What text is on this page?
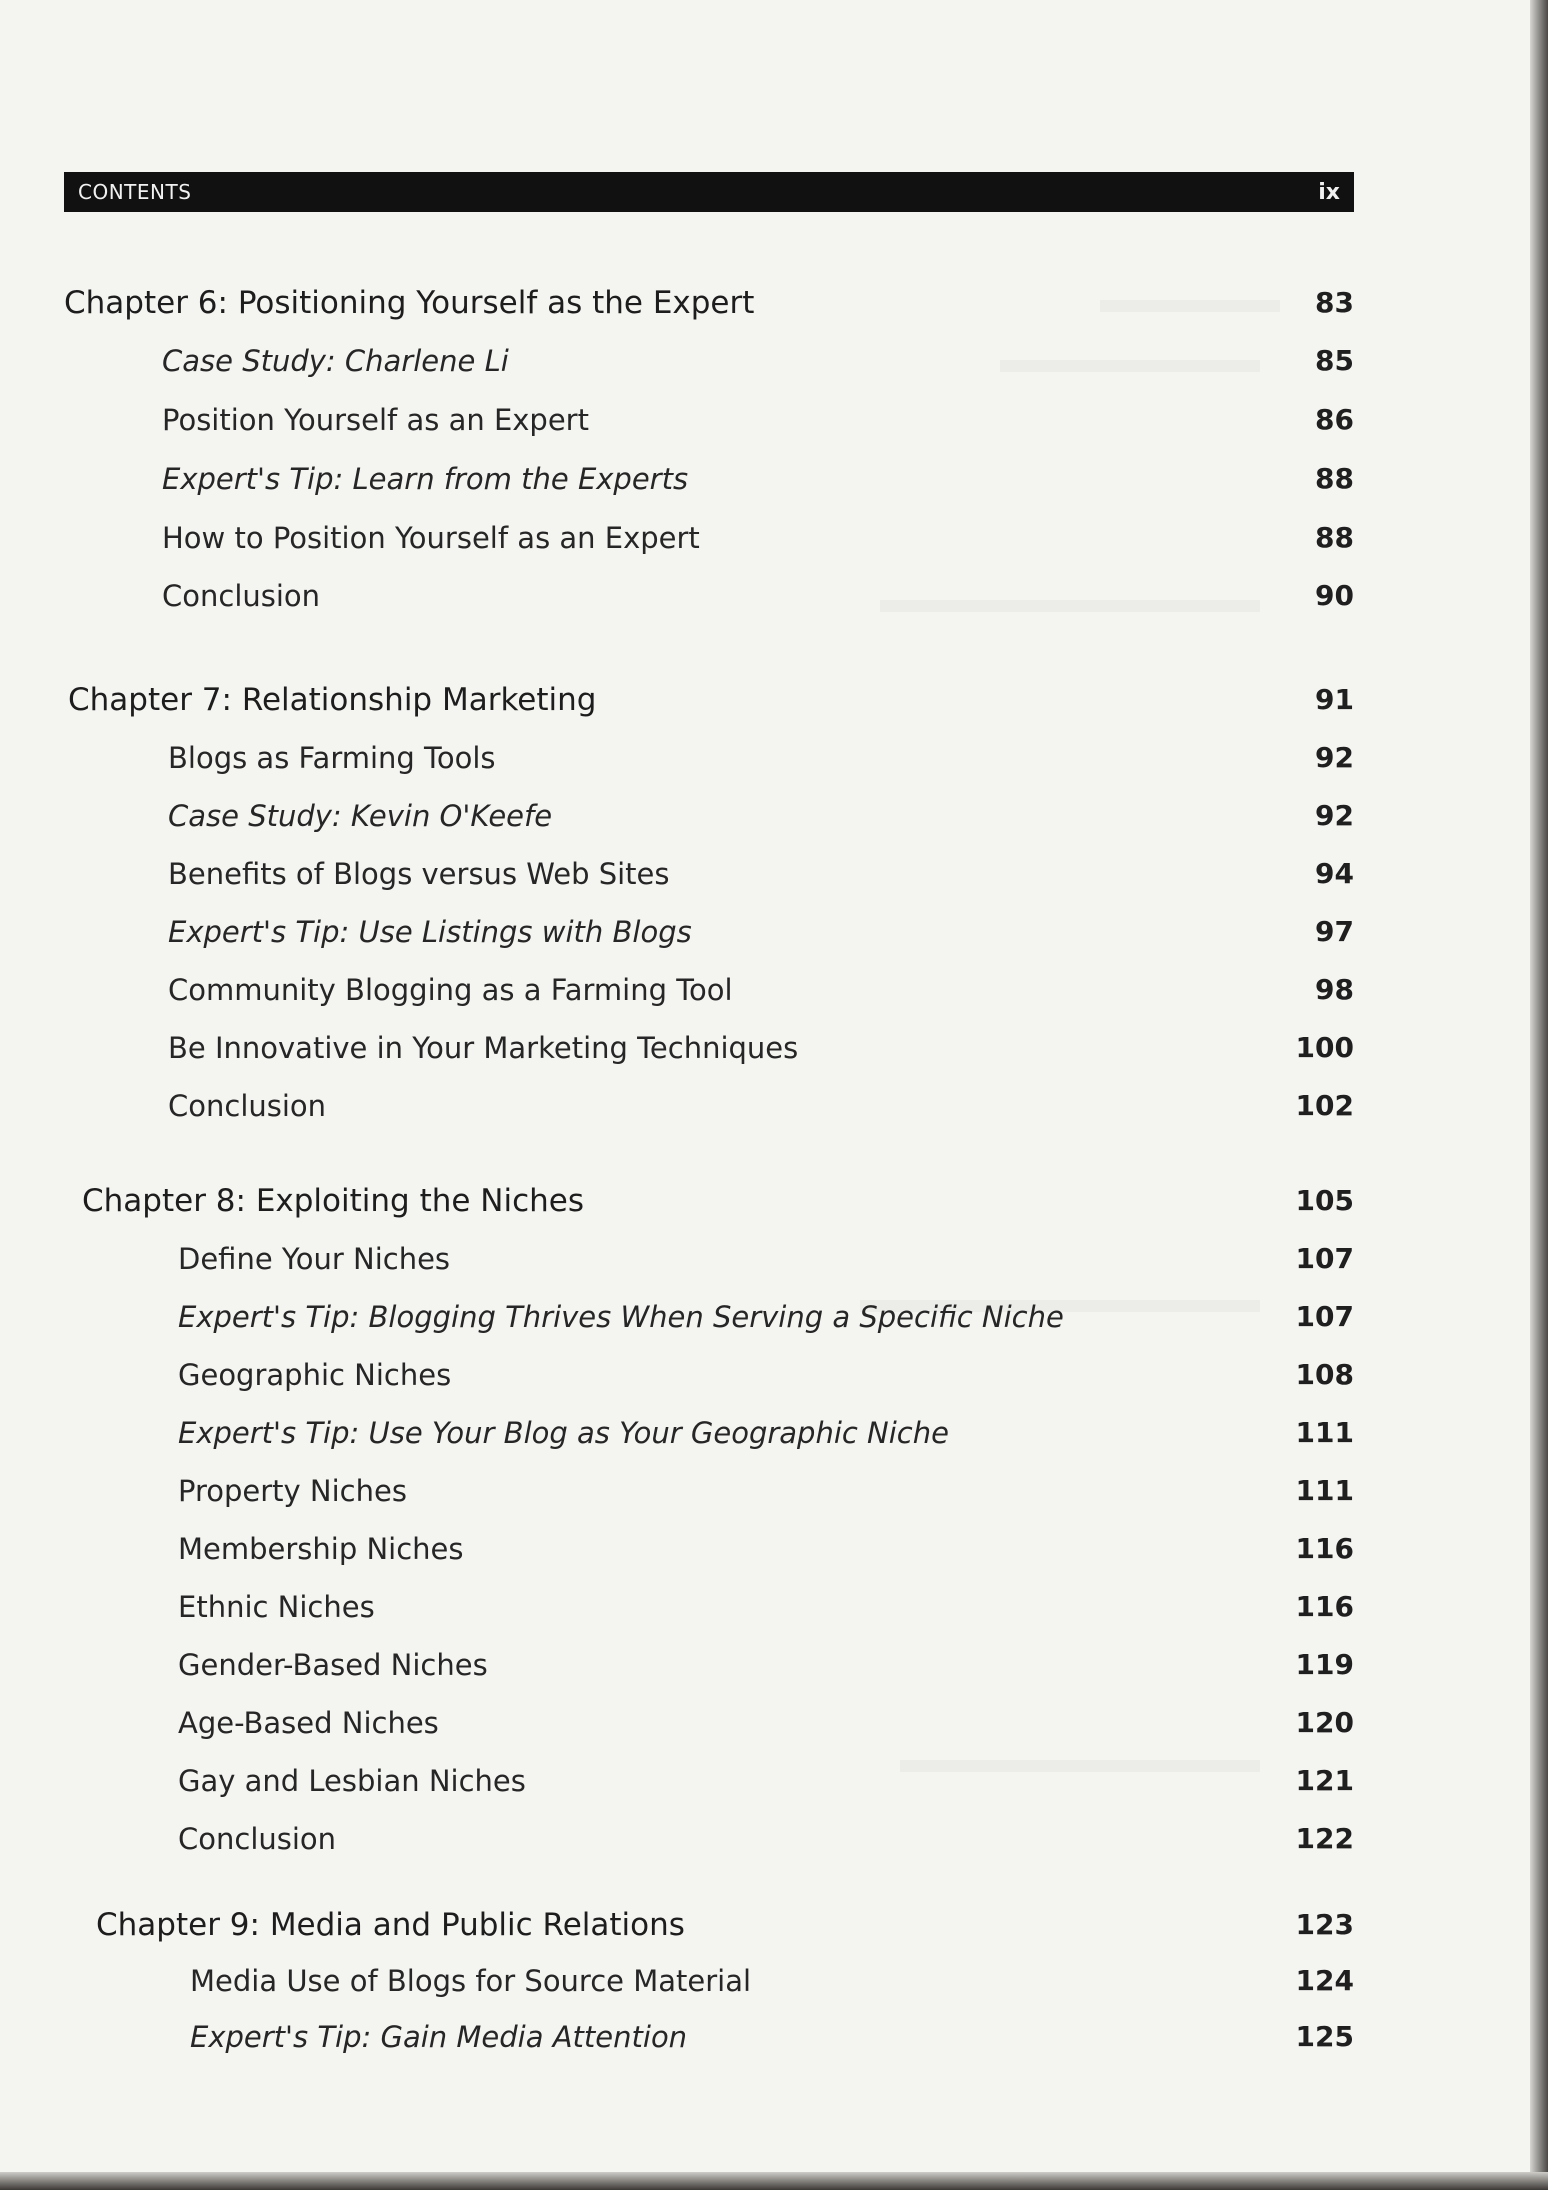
CONTENTS	ix
Chapter 6: Positioning Yourself as the Expert	83
Case Study: Charlene Li	85
Position Yourself as an Expert	86
Expert's Tip: Learn from the Experts	88
How to Position Yourself as an Expert	88
Conclusion	90
Chapter 7: Relationship Marketing	91
Blogs as Farming Tools	92
Case Study: Kevin O'Keefe	92
Benefits of Blogs versus Web Sites	94
Expert's Tip: Use Listings with Blogs	97
Community Blogging as a Farming Tool	98
Be Innovative in Your Marketing Techniques	100
Conclusion	102
Chapter 8: Exploiting the Niches	105
Define Your Niches	107
Expert's Tip: Blogging Thrives When Serving a Specific Niche	107
Geographic Niches	108
Expert's Tip: Use Your Blog as Your Geographic Niche	111
Property Niches	111
Membership Niches	116
Ethnic Niches	116
Gender-Based Niches	119
Age-Based Niches	120
Gay and Lesbian Niches	121
Conclusion	122
Chapter 9: Media and Public Relations	123
Media Use of Blogs for Source Material	124
Expert's Tip: Gain Media Attention	125
